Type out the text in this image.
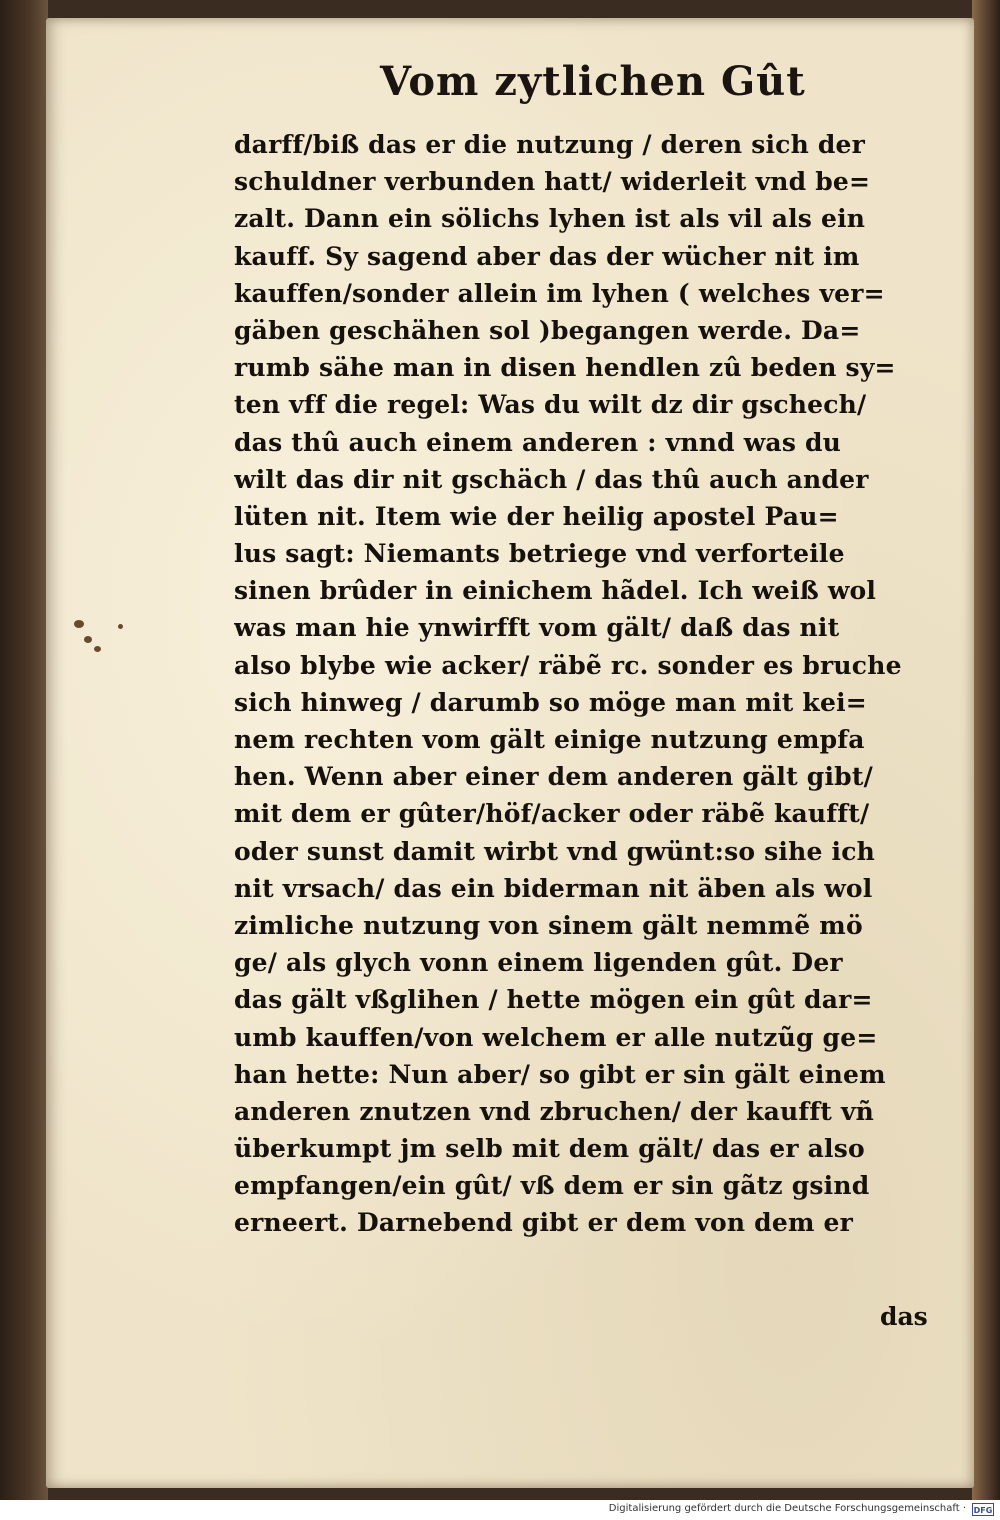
Vom zytlichen Gût
darff/biß das er die nutzung / deren sich der
schuldner verbunden hatt/ widerleit vnd be=
zalt. Dann ein sölichs lyhen ist als vil als ein
kauff. Sy sagend aber das der wücher nit im
kauffen/sonder allein im lyhen ( welches ver=
gäben geschähen sol )begangen werde. Da=
rumb sähe man in disen hendlen zû beden sy=
ten vff die regel: Was du wilt dz dir gschech/
das thû auch einem anderen : vnnd was du
wilt das dir nit gschäch / das thû auch ander
lüten nit. Item wie der heilig apostel Pau=
lus sagt: Niemants betriege vnd verforteile
sinen brûder in einichem hãdel. Ich weiß wol
was man hie ynwirfft vom gält/ daß das nit
also blybe wie acker/ räbẽ rc. sonder es bruche
sich hinweg / darumb so möge man mit kei=
nem rechten vom gält einige nutzung empfa
hen. Wenn aber einer dem anderen gält gibt/
mit dem er gûter/höf/acker oder räbẽ kaufft/
oder sunst damit wirbt vnd gwünt:so sihe ich
nit vrsach/ das ein biderman nit äben als wol
zimliche nutzung von sinem gält nemmẽ mö
ge/ als glych vonn einem ligenden gût. Der
das gält vßglihen / hette mögen ein gût dar=
umb kauffen/von welchem er alle nutzũg ge=
han hette: Nun aber/ so gibt er sin gält einem
anderen znutzen vnd zbruchen/ der kaufft vñ
überkumpt jm selb mit dem gält/ das er also
empfangen/ein gût/ vß dem er sin gãtz gsind
erneert. Darnebend gibt er dem von dem er
das
Digitalisierung gefördert durch die Deutsche Forschungsgemeinschaft · DFG
